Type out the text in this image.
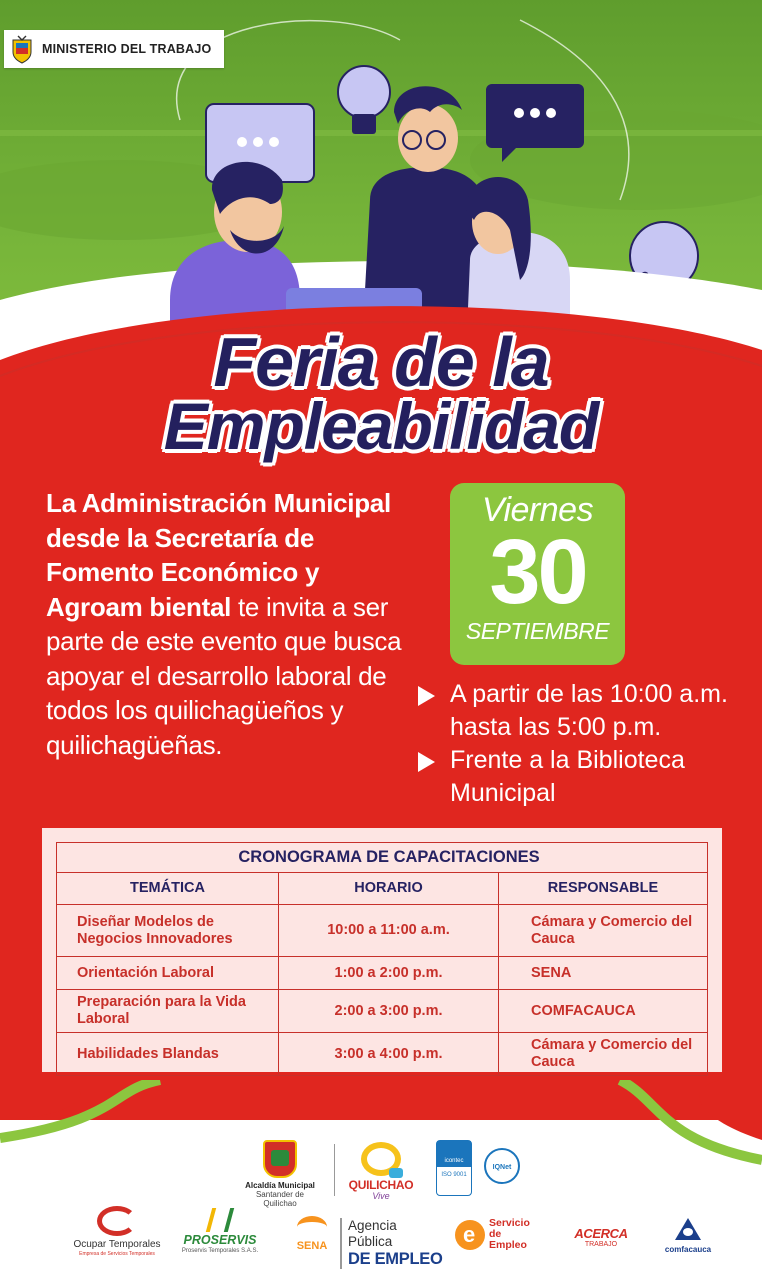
MINISTERIO DEL TRABAJO
Feria de la
Empleabilidad

La Administración Municipal desde la Secretaría de Fomento Económico y Agroam biental te invita a ser parte de este evento que busca apoyar el desarrollo laboral de todos los quilichagüeños y quilichagüeñas.

Viernes
30
SEPTIEMBRE
A partir de las 10:00 a.m. hasta las 5:00 p.m.
Frente a la Biblioteca Municipal
CRONOGRAMA DE CAPACITACIONES		
TEMÁTICA	HORARIO	RESPONSABLE
Diseñar Modelos de Negocios Innovadores	10:00 a 11:00 a.m.	Cámara y Comercio del Cauca
Orientación Laboral	1:00 a 2:00 p.m.	SENA
Preparación para la Vida Laboral	2:00 a 3:00 p.m.	COMFACAUCA
Habilidades Blandas	3:00 a 4:00 p.m.	Cámara y Comercio del Cauca
Alcaldía Municipal
Santander de Quilichao
QUILICHAO
Vive
icontec
ISO 9001
IQNet
Ocupar Temporales
Empresa de Servicios Temporales
PROSERVIS
Proservis Temporales S.A.S.	SENA
Agencia Pública
DE EMPLEO
e
Servicio de
Empleo
ACERCA
TRABAJO
comfacauca
